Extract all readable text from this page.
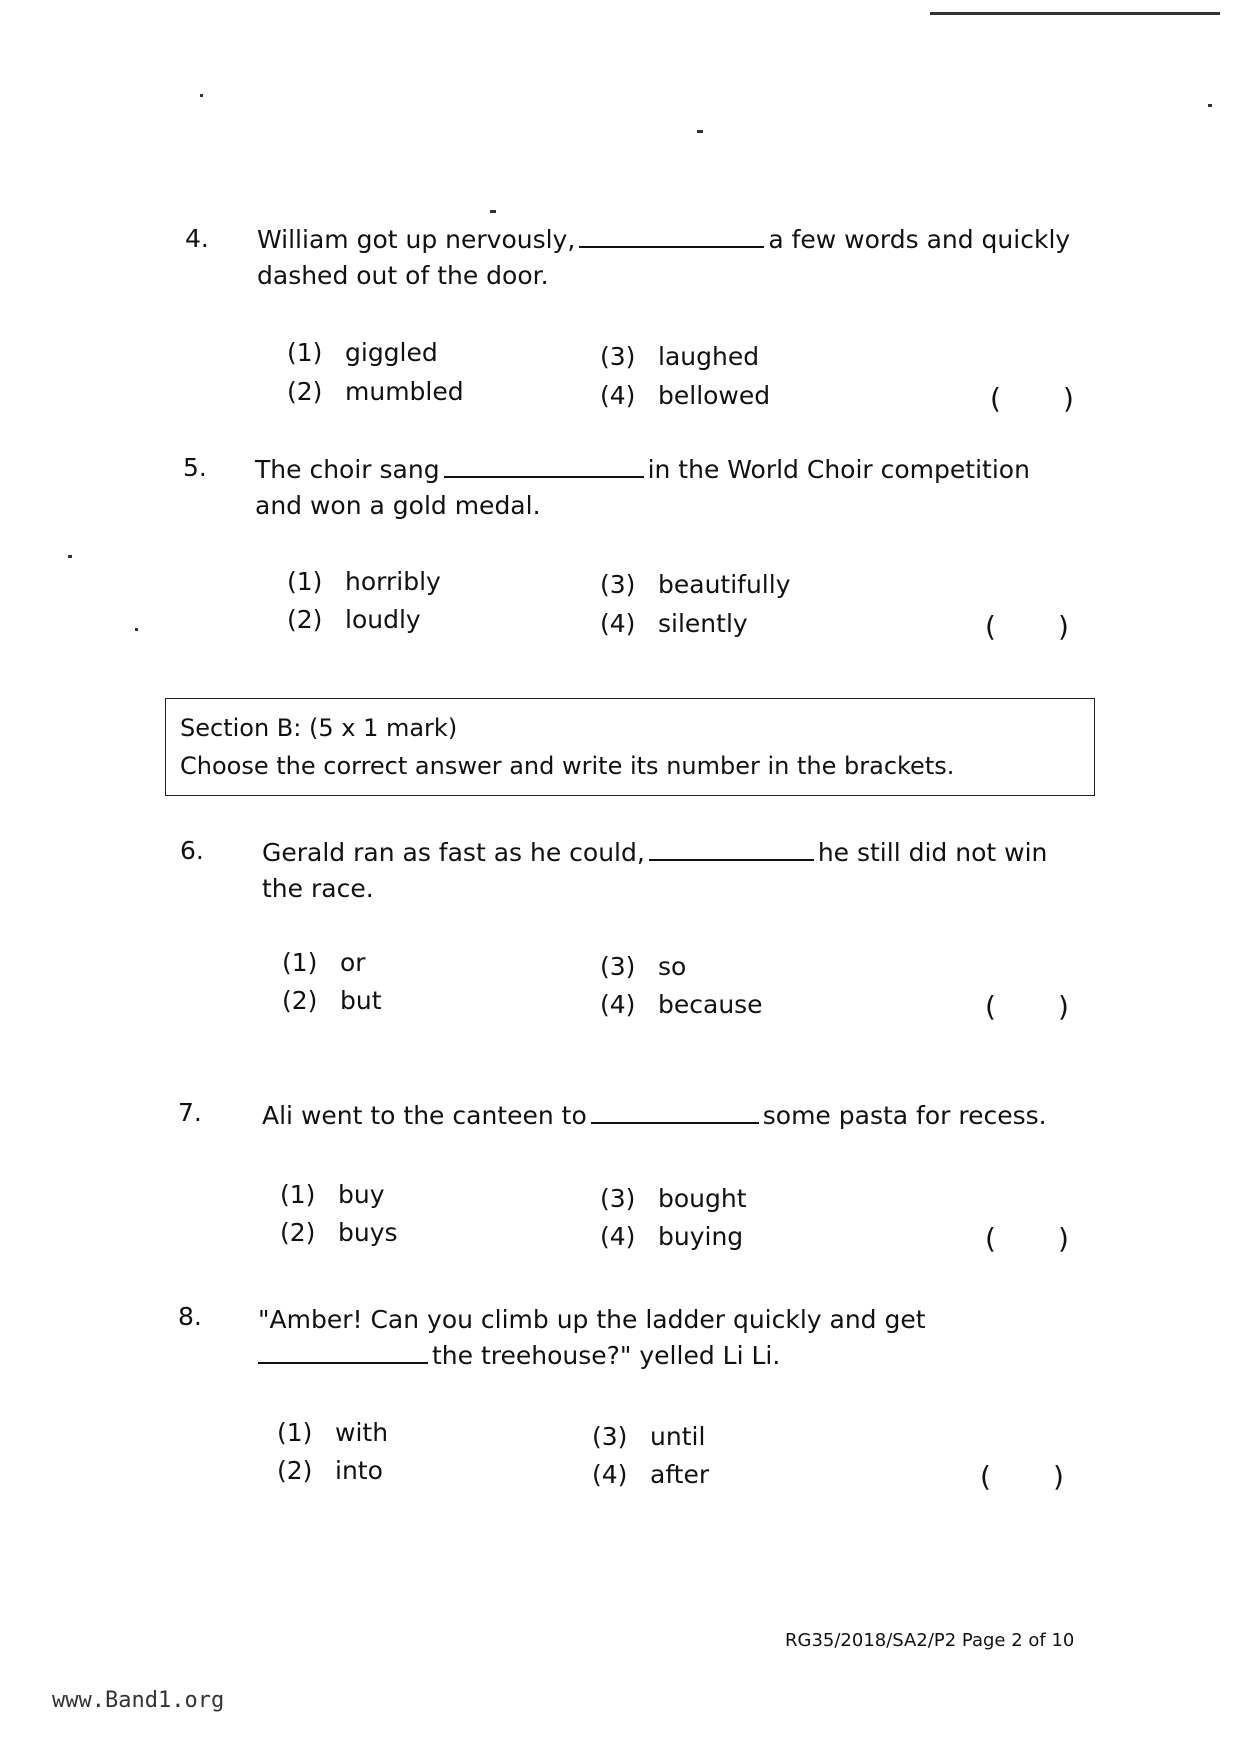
4. William got up nervously,	a few words and quickly
dashed out of the door.
(1) giggled
(2) mumbled
(3) laughed
(4) bellowed	( )
5. The choir sang	in the World Choir competition
and won a gold medal.
(1) horribly
(2) loudly
(3) beautifully
(4) silently	( )
Section B: (5 x 1 mark)
Choose the correct answer and write its number in the brackets.
6. Gerald ran as fast as he could,	he still did not win
the race.
(1) or
(2) but
(3) so
(4) because	( )
7. Ali went to the canteen to	some pasta for recess.
(1) buy
(2) buys
(3) bought
(4) buying	( )
8. "Amber! Can you climb up the ladder quickly and get
the treehouse?" yelled Li Li.
(1) with
(2) into
(3) until
(4) after	( )
RG35/2018/SA2/P2 Page 2 of 10
www.Band1.org
